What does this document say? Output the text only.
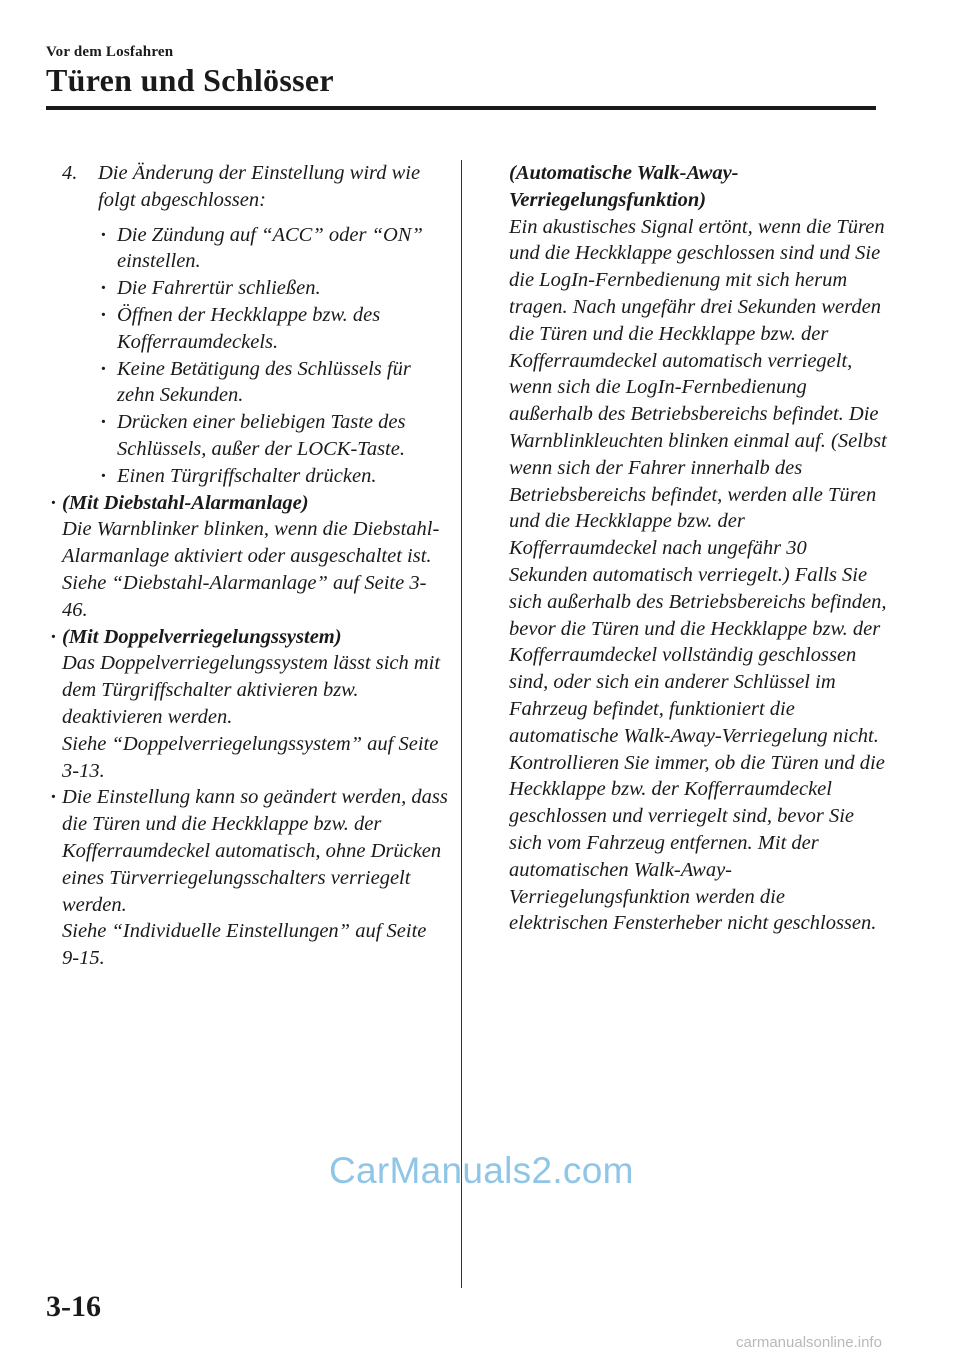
Vor dem Losfahren
Türen und Schlösser
4.	Die Änderung der Einstellung wird wie folgt abgeschlossen:
· Die Zündung auf “ACC” oder “ON” einstellen.
· Die Fahrertür schließen.
· Öffnen der Heckklappe bzw. des Kofferraumdeckels.
· Keine Betätigung des Schlüssels für zehn Sekunden.
· Drücken einer beliebigen Taste des Schlüssels, außer der LOCK-Taste.
· Einen Türgriffschalter drücken.

· (Mit Diebstahl-Alarmanlage)

Die Warnblinker blinken, wenn die Diebstahl-Alarmanlage aktiviert oder ausgeschaltet ist.

Siehe “Diebstahl-Alarmanlage” auf Seite 3-46.

· (Mit Doppelverriegelungssystem)

Das Doppelverriegelungssystem lässt sich mit dem Türgriffschalter aktivieren bzw. deaktivieren werden.

Siehe “Doppelverriegelungssystem” auf Seite 3-13.

· Die Einstellung kann so geändert werden, dass die Türen und die Heckklappe bzw. der Kofferraumdeckel automatisch, ohne Drücken eines Türverriegelungsschalters verriegelt werden.

Siehe “Individuelle Einstellungen” auf Seite 9-15.

(Automatische Walk-Away-Verriegelungsfunktion)

Ein akustisches Signal ertönt, wenn die Türen und die Heckklappe geschlossen sind und Sie die LogIn-Fernbedienung mit sich herum tragen. Nach ungefähr drei Sekunden werden die Türen und die Heckklappe bzw. der Kofferraumdeckel automatisch verriegelt, wenn sich die LogIn-Fernbedienung außerhalb des Betriebsbereichs befindet. Die Warnblinkleuchten blinken einmal auf. (Selbst wenn sich der Fahrer innerhalb des Betriebsbereichs befindet, werden alle Türen und die Heckklappe bzw. der Kofferraumdeckel nach ungefähr 30 Sekunden automatisch verriegelt.) Falls Sie sich außerhalb des Betriebsbereichs befinden, bevor die Türen und die Heckklappe bzw. der Kofferraumdeckel vollständig geschlossen sind, oder sich ein anderer Schlüssel im Fahrzeug befindet, funktioniert die automatische Walk-Away-Verriegelung nicht. Kontrollieren Sie immer, ob die Türen und die Heckklappe bzw. der Kofferraumdeckel geschlossen und verriegelt sind, bevor Sie sich vom Fahrzeug entfernen. Mit der automatischen Walk-Away-Verriegelungsfunktion werden die elektrischen Fensterheber nicht geschlossen.

CarManuals2.com
3-16
carmanualsonline.info
